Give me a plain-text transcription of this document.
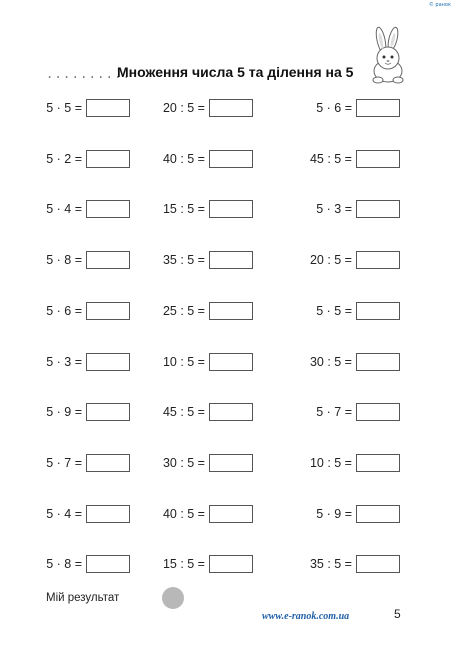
© ранок
..........
Множення числа 5 та ділення на 5
5 · 5 =
5 · 2 =
5 · 4 =
5 · 8 =
5 · 6 =
5 · 3 =
5 · 9 =
5 · 7 =
5 · 4 =
5 · 8 =
20 : 5 =
40 : 5 =
15 : 5 =
35 : 5 =
25 : 5 =
10 : 5 =
45 : 5 =
30 : 5 =
40 : 5 =
15 : 5 =
5 · 6 =
45 : 5 =
5 · 3 =
20 : 5 =
5 · 5 =
30 : 5 =
5 · 7 =
10 : 5 =
5 · 9 =
35 : 5 =
Мій результат
www.e-ranok.com.ua	5
